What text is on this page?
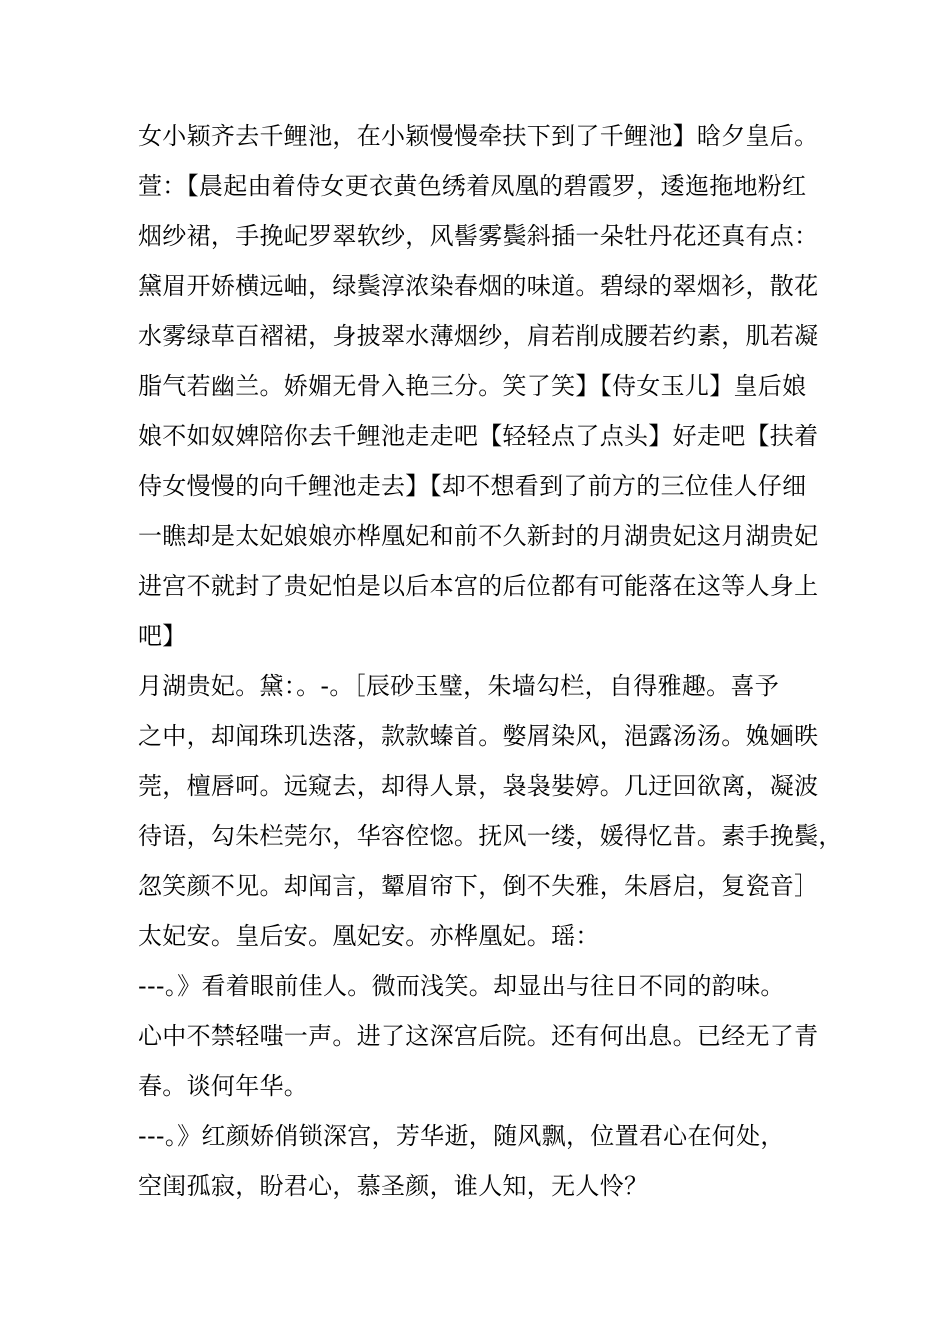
女小颖齐去千鲤池，在小颖慢慢牵扶下到了千鲤池】晗夕皇后。
萱：【晨起由着侍女更衣黄色绣着凤凰的碧霞罗，逶迤拖地粉红
烟纱裙，手挽屺罗翠软纱，风髻雾鬓斜插一朵牡丹花还真有点：
黛眉开娇横远岫，绿鬓淳浓染春烟的味道。碧绿的翠烟衫，散花
水雾绿草百褶裙，身披翠水薄烟纱，肩若削成腰若约素，肌若凝
脂气若幽兰。娇媚无骨入艳三分。笑了笑】【侍女玉儿】皇后娘
娘不如奴婢陪你去千鲤池走走吧【轻轻点了点头】好走吧【扶着
侍女慢慢的向千鲤池走去】【却不想看到了前方的三位佳人仔细
一瞧却是太妃娘娘亦桦凰妃和前不久新封的月湖贵妃这月湖贵妃
进宫不就封了贵妃怕是以后本宫的后位都有可能落在这等人身上
吧】
月湖贵妃。黛：。-。［辰砂玉璧，朱墙勾栏，自得雅趣。喜予
之中，却闻珠玑迭落，款款螓首。嫳屑染风，浥露汤汤。婏婳昳
莞，檀唇呵。远窥去，却得人景，袅袅娤婷。几迂回欲离，凝波
待语，勾朱栏莞尔，华容倥惚。抚风一缕，媛得忆昔。素手挽鬓，
忽笑颜不见。却闻言，颦眉帘下，倒不失雅，朱唇启，复瓷音］
太妃安。皇后安。凰妃安。亦桦凰妃。瑶：
---。》看着眼前佳人。微而浅笑。却显出与往日不同的韵味。
心中不禁轻嗤一声。进了这深宫后院。还有何出息。已经无了青
春。谈何年华。
---。》红颜娇俏锁深宫，芳华逝，随风飘，位置君心在何处，
空闺孤寂，盼君心，慕圣颜，谁人知，无人怜？
